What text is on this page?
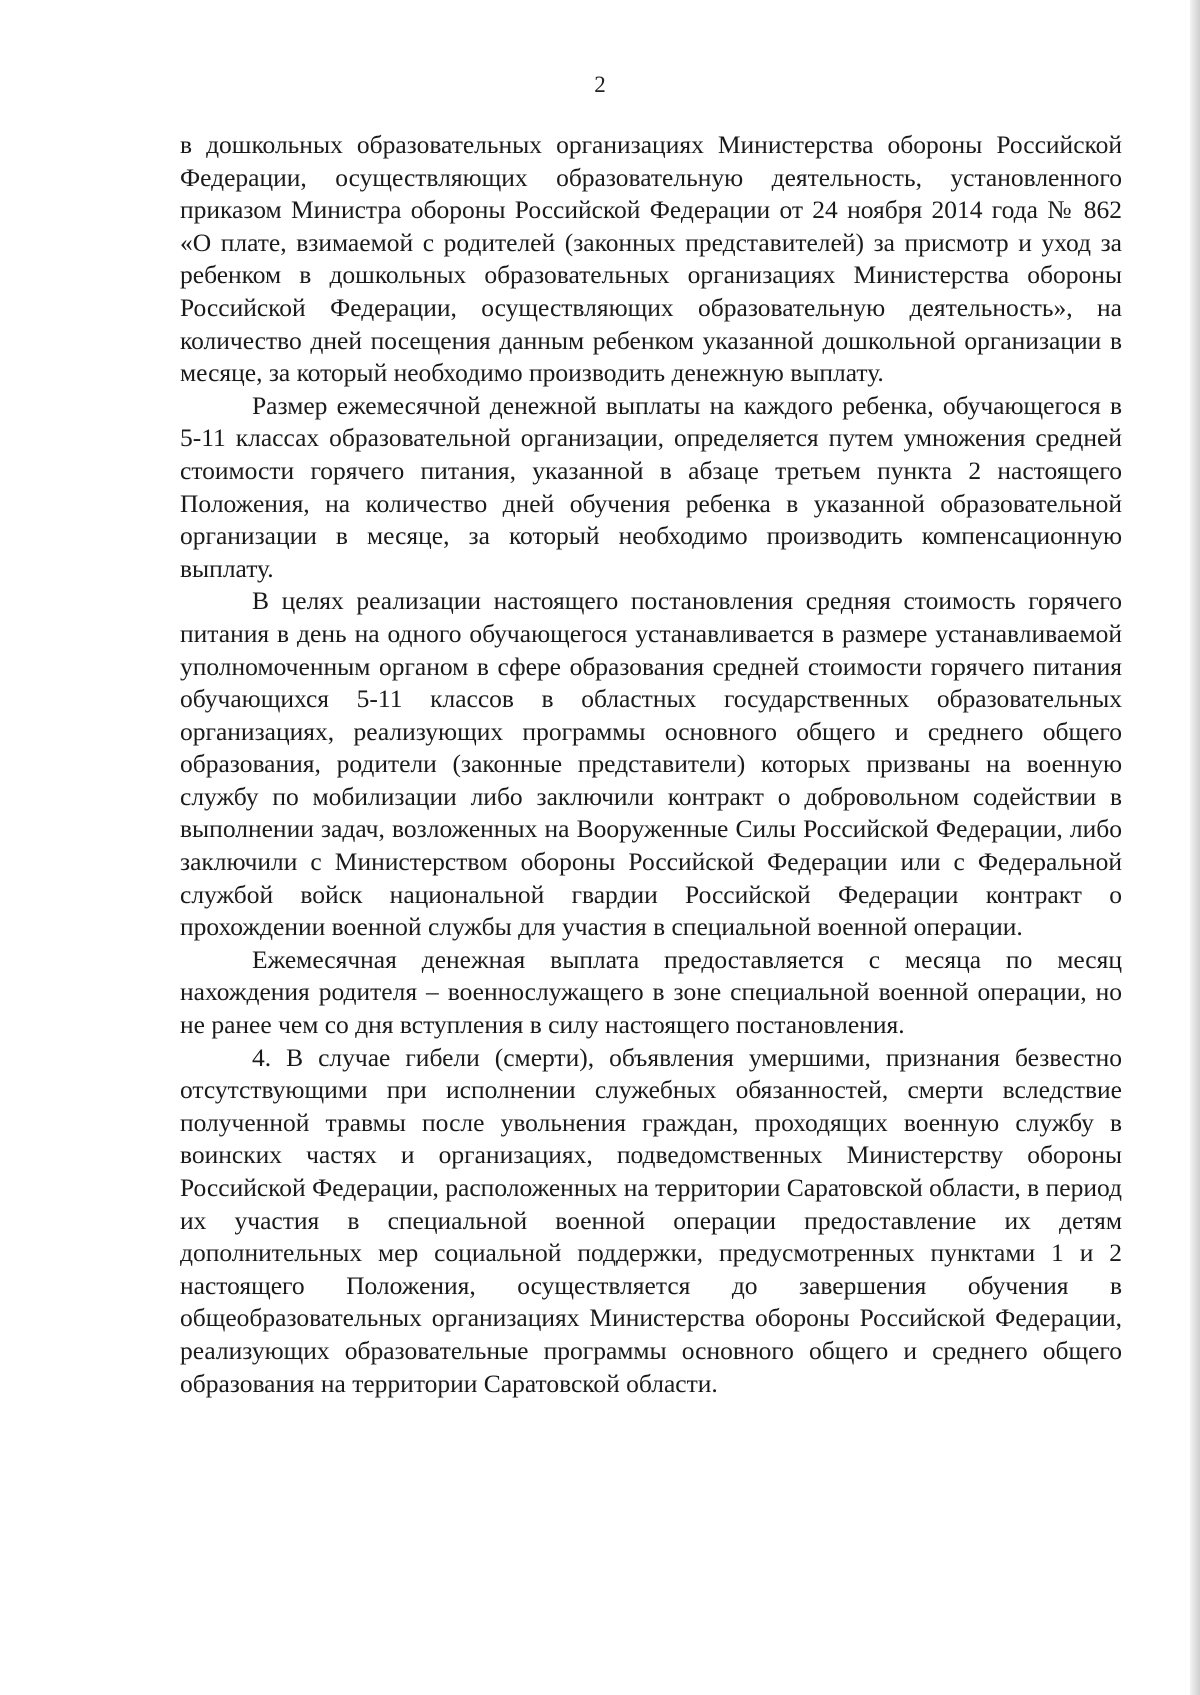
2

в дошкольных образовательных организациях Министерства обороны Российской Федерации, осуществляющих образовательную деятельность, установленного приказом Министра обороны Российской Федерации от 24 ноября 2014 года № 862 «О плате, взимаемой с родителей (законных представителей) за присмотр и уход за ребенком в дошкольных образовательных организациях Министерства обороны Российской Федерации, осуществляющих образовательную деятельность», на количество дней посещения данным ребенком указанной дошкольной организации в месяце, за который необходимо производить денежную выплату.

Размер ежемесячной денежной выплаты на каждого ребенка, обучающегося в 5-11 классах образовательной организации, определяется путем умножения средней стоимости горячего питания, указанной в абзаце третьем пункта 2 настоящего Положения, на количество дней обучения ребенка в указанной образовательной организации в месяце, за который необходимо производить компенсационную выплату.

В целях реализации настоящего постановления средняя стоимость горячего питания в день на одного обучающегося устанавливается в размере устанавливаемой уполномоченным органом в сфере образования средней стоимости горячего питания обучающихся 5-11 классов в областных государственных образовательных организациях, реализующих программы основного общего и среднего общего образования, родители (законные представители) которых призваны на военную службу по мобилизации либо заключили контракт о добровольном содействии в выполнении задач, возложенных на Вооруженные Силы Российской Федерации, либо заключили с Министерством обороны Российской Федерации или с Федеральной службой войск национальной гвардии Российской Федерации контракт о прохождении военной службы для участия в специальной военной операции.

Ежемесячная денежная выплата предоставляется с месяца по месяц нахождения родителя – военнослужащего в зоне специальной военной операции, но не ранее чем со дня вступления в силу настоящего постановления.

4. В случае гибели (смерти), объявления умершими, признания безвестно отсутствующими при исполнении служебных обязанностей, смерти вследствие полученной травмы после увольнения граждан, проходящих военную службу в воинских частях и организациях, подведомственных Министерству обороны Российской Федерации, расположенных на территории Саратовской области, в период их участия в специальной военной операции предоставление их детям дополнительных мер социальной поддержки, предусмотренных пунктами 1 и 2 настоящего Положения, осуществляется до завершения обучения в общеобразовательных организациях Министерства обороны Российской Федерации, реализующих образовательные программы основного общего и среднего общего образования на территории Саратовской области.
